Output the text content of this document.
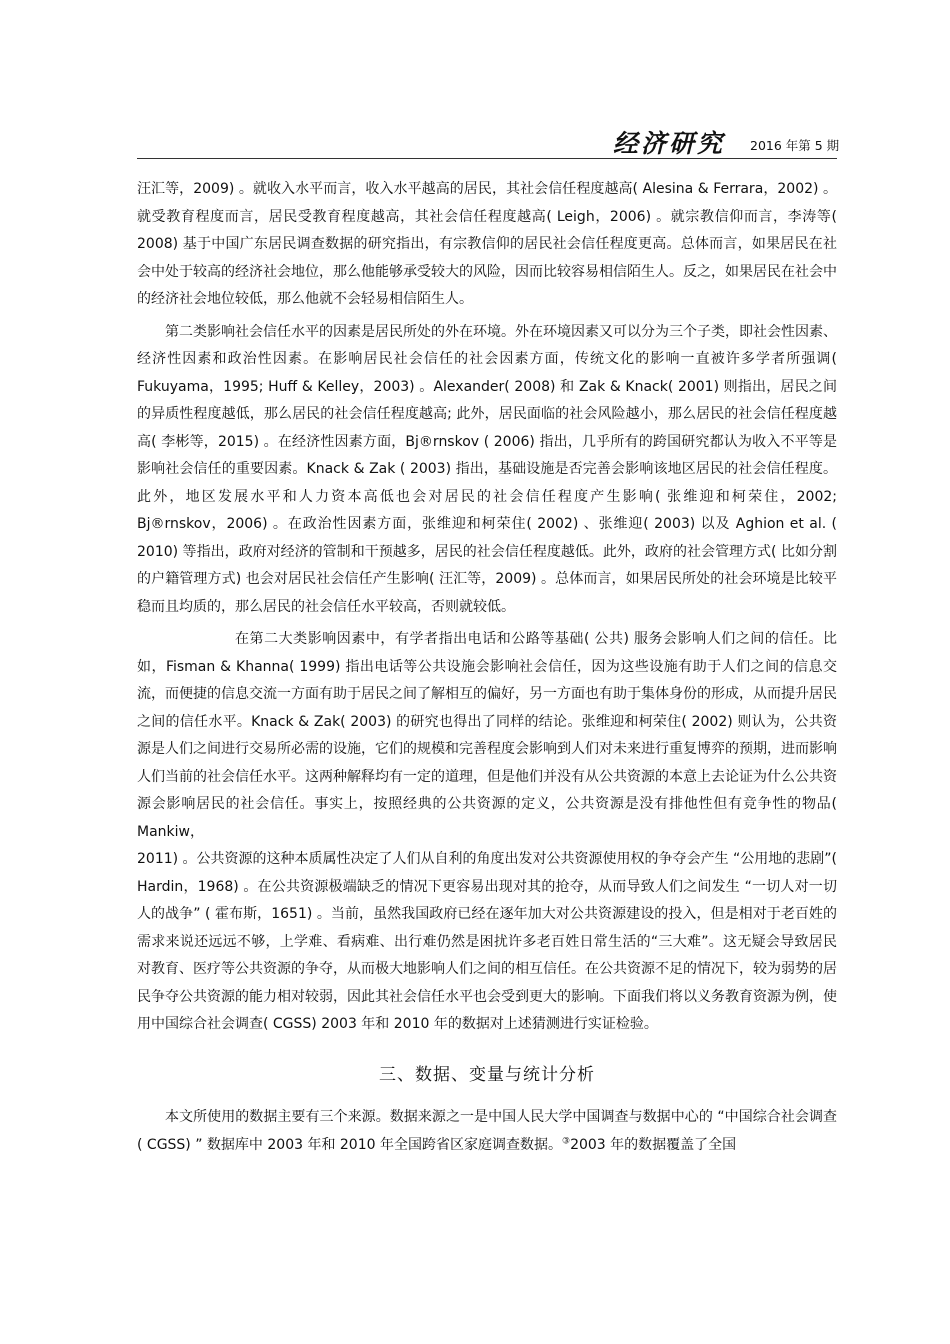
经济研究 2016 年第 5 期

汪汇等，2009) 。就收入水平而言，收入水平越高的居民，其社会信任程度越高( Alesina & Ferrara，2002) 。就受教育程度而言，居民受教育程度越高，其社会信任程度越高( Leigh，2006) 。就宗教信仰而言，李涛等( 2008) 基于中国广东居民调查数据的研究指出，有宗教信仰的居民社会信任程度更高。总体而言，如果居民在社会中处于较高的经济社会地位，那么他能够承受较大的风险，因而比较容易相信陌生人。反之，如果居民在社会中的经济社会地位较低，那么他就不会轻易相信陌生人。

第二类影响社会信任水平的因素是居民所处的外在环境。外在环境因素又可以分为三个子类，即社会性因素、经济性因素和政治性因素。在影响居民社会信任的社会因素方面，传统文化的影响一直被许多学者所强调( Fukuyama，1995; Huff & Kelley，2003) 。Alexander( 2008) 和 Zak & Knack( 2001) 则指出，居民之间的异质性程度越低，那么居民的社会信任程度越高; 此外，居民面临的社会风险越小，那么居民的社会信任程度越高( 李彬等，2015) 。在经济性因素方面，Bj®rnskov ( 2006) 指出，几乎所有的跨国研究都认为收入不平等是影响社会信任的重要因素。Knack & Zak ( 2003) 指出，基础设施是否完善会影响该地区居民的社会信任程度。此外，地区发展水平和人力资本高低也会对居民的社会信任程度产生影响( 张维迎和柯荣住，2002; Bj®rnskov，2006) 。在政治性因素方面，张维迎和柯荣住( 2002) 、张维迎( 2003) 以及 Aghion et al. ( 2010) 等指出，政府对经济的管制和干预越多，居民的社会信任程度越低。此外，政府的社会管理方式( 比如分割的户籍管理方式) 也会对居民社会信任产生影响( 汪汇等，2009) 。总体而言，如果居民所处的社会环境是比较平稳而且均质的，那么居民的社会信任水平较高，否则就较低。

在第二大类影响因素中，有学者指出电话和公路等基础( 公共) 服务会影响人们之间的信任。比如，Fisman & Khanna( 1999) 指出电话等公共设施会影响社会信任，因为这些设施有助于人们之间的信息交流，而便捷的信息交流一方面有助于居民之间了解相互的偏好，另一方面也有助于集体身份的形成，从而提升居民之间的信任水平。Knack & Zak( 2003) 的研究也得出了同样的结论。张维迎和柯荣住( 2002) 则认为，公共资源是人们之间进行交易所必需的设施，它们的规模和完善程度会影响到人们对未来进行重复博弈的预期，进而影响人们当前的社会信任水平。这两种解释均有一定的道理，但是他们并没有从公共资源的本意上去论证为什么公共资源会影响居民的社会信任。事实上，按照经典的公共资源的定义，公共资源是没有排他性但有竞争性的物品( Mankiw，

2011) 。公共资源的这种本质属性决定了人们从自利的角度出发对公共资源使用权的争夺会产生 “公用地的悲剧”( Hardin，1968) 。在公共资源极端缺乏的情况下更容易出现对其的抢夺，从而导致人们之间发生 “一切人对一切人的战争” ( 霍布斯，1651) 。当前，虽然我国政府已经在逐年加大对公共资源建设的投入，但是相对于老百姓的需求来说还远远不够，上学难、看病难、出行难仍然是困扰许多老百姓日常生活的“三大难”。这无疑会导致居民对教育、医疗等公共资源的争夺，从而极大地影响人们之间的相互信任。在公共资源不足的情况下，较为弱势的居民争夺公共资源的能力相对较弱，因此其社会信任水平也会受到更大的影响。下面我们将以义务教育资源为例，使用中国综合社会调查( CGSS) 2003 年和 2010 年的数据对上述猜测进行实证检验。

三、数据、变量与统计分析

本文所使用的数据主要有三个来源。数据来源之一是中国人民大学中国调查与数据中心的 “中国综合社会调查( CGSS) ” 数据库中 2003 年和 2010 年全国跨省区家庭调查数据。③2003 年的数据覆盖了全国
